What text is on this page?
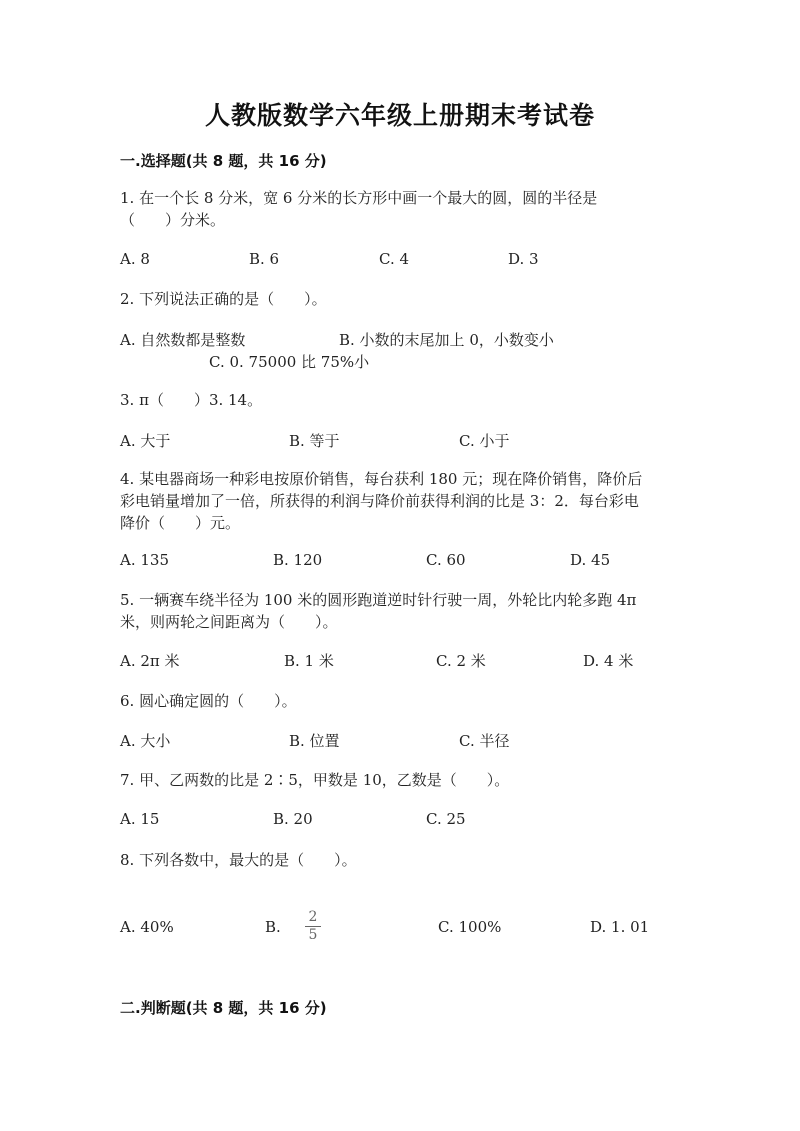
人教版数学六年级上册期末考试卷
一.选择题(共 8 题，共 16 分)
1. 在一个长 8 分米，宽 6 分米的长方形中画一个最大的圆，圆的半径是
（　　）分米。
A. 8	B. 6	C. 4	D. 3
2. 下列说法正确的是（　　）。
A. 自然数都是整数	B. 小数的末尾加上 0，小数变小
C. 0. 75000 比 75%小
3. π（　　）3. 14。
A. 大于	B. 等于	C. 小于
4. 某电器商场一种彩电按原价销售，每台获利 180 元；现在降价销售，降价后
彩电销量增加了一倍，所获得的利润与降价前获得利润的比是 3：2．每台彩电
降价（　　）元。
A. 135	B. 120	C. 60	D. 45
5. 一辆赛车绕半径为 100 米的圆形跑道逆时针行驶一周，外轮比内轮多跑 4π
米，则两轮之间距离为（　　）。
A. 2π 米	B. 1 米	C. 2 米	D. 4 米
6. 圆心确定圆的（　　）。
A. 大小	B. 位置	C. 半径
7. 甲、乙两数的比是 2∶5，甲数是 10，乙数是（　　）。
A. 15	B. 20	C. 25
8. 下列各数中，最大的是（　　）。
A. 40%	B.
2
5	C. 100%	D. 1. 01
二.判断题(共 8 题，共 16 分)
